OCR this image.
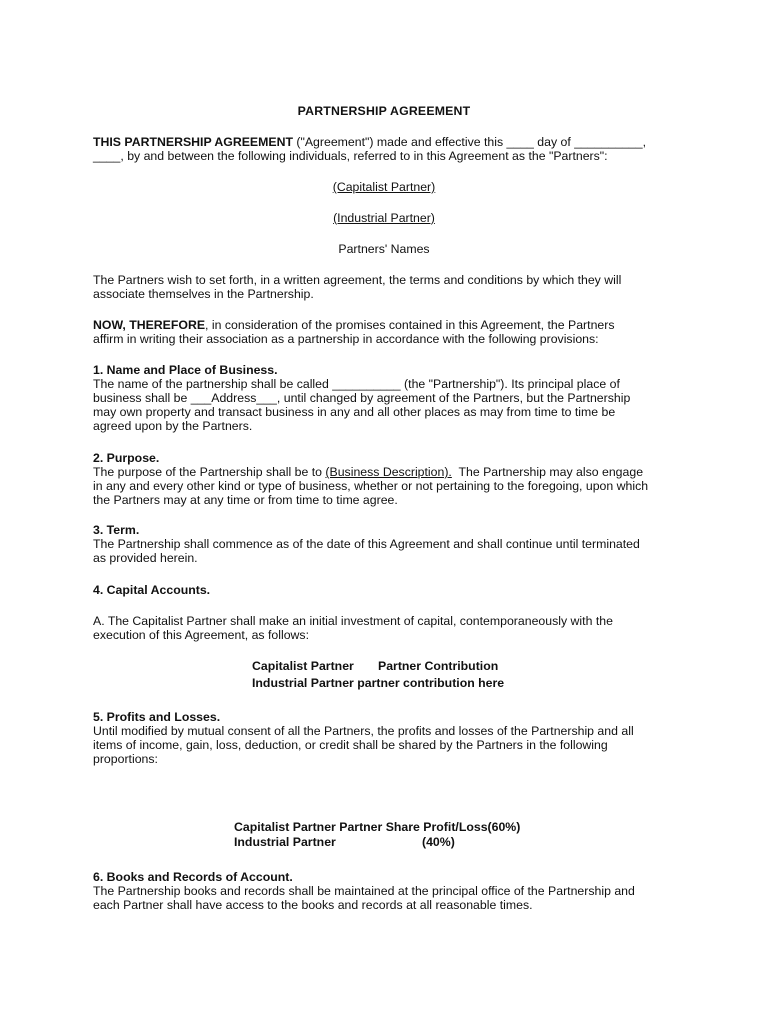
PARTNERSHIP AGREEMENT
THIS PARTNERSHIP AGREEMENT ("Agreement") made and effective this ____ day of __________,
____, by and between the following individuals, referred to in this Agreement as the "Partners":
(Capitalist Partner)
(Industrial Partner)
Partners' Names
The Partners wish to set forth, in a written agreement, the terms and conditions by which they will
associate themselves in the Partnership.
NOW, THEREFORE, in consideration of the promises contained in this Agreement, the Partners
affirm in writing their association as a partnership in accordance with the following provisions:
1. Name and Place of Business.
The name of the partnership shall be called __________ (the "Partnership"). Its principal place of
business shall be ___Address___, until changed by agreement of the Partners, but the Partnership
may own property and transact business in any and all other places as may from time to time be
agreed upon by the Partners.
2. Purpose.
The purpose of the Partnership shall be to (Business Description).  The Partnership may also engage
in any and every other kind or type of business, whether or not pertaining to the foregoing, upon which
the Partners may at any time or from time to time agree.
3. Term.
The Partnership shall commence as of the date of this Agreement and shall continue until terminated
as provided herein.
4. Capital Accounts.
A. The Capitalist Partner shall make an initial investment of capital, contemporaneously with the
execution of this Agreement, as follows:
Capitalist Partner Partner Contribution
Industrial Partner partner contribution here
5. Profits and Losses.
Until modified by mutual consent of all the Partners, the profits and losses of the Partnership and all
items of income, gain, loss, deduction, or credit shall be shared by the Partners in the following
proportions:
Capitalist Partner Partner Share Profit/Loss(60%)
Industrial Partner	(40%)
6. Books and Records of Account.
The Partnership books and records shall be maintained at the principal office of the Partnership and
each Partner shall have access to the books and records at all reasonable times.
